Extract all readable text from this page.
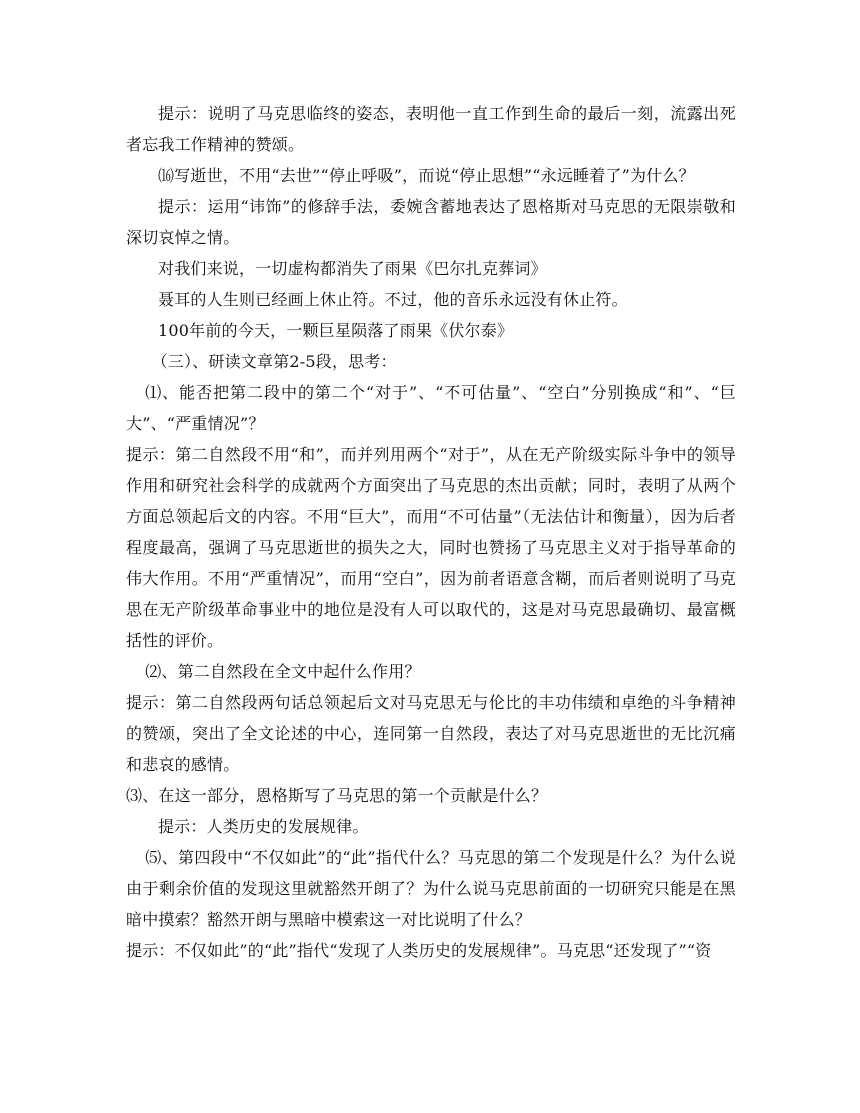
提示：说明了马克思临终的姿态，表明他一直工作到生命的最后一刻，流露出死者忘我工作精神的赞颂。

⒃写逝世，不用“去世”“停止呼吸”，而说“停止思想”“永远睡着了”为什么？

提示：运用“讳饰”的修辞手法，委婉含蓄地表达了恩格斯对马克思的无限崇敬和深切哀悼之情。

对我们来说，一切虚构都消失了雨果《巴尔扎克葬词》

聂耳的人生则已经画上休止符。不过，他的音乐永远没有休止符。

100年前的今天，一颗巨星陨落了雨果《伏尔泰》

（三）、研读文章第2-5段，思考：

⑴、能否把第二段中的第二个“对于”、“不可估量”、“空白”分别换成“和”、“巨大”、“严重情况”？

提示：第二自然段不用“和”，而并列用两个“对于”，从在无产阶级实际斗争中的领导作用和研究社会科学的成就两个方面突出了马克思的杰出贡献；同时，表明了从两个方面总领起后文的内容。不用“巨大”，而用“不可估量”（无法估计和衡量），因为后者程度最高，强调了马克思逝世的损失之大，同时也赞扬了马克思主义对于指导革命的伟大作用。不用“严重情况”，而用“空白”，因为前者语意含糊，而后者则说明了马克思在无产阶级革命事业中的地位是没有人可以取代的，这是对马克思最确切、最富概括性的评价。

⑵、第二自然段在全文中起什么作用？

提示：第二自然段两句话总领起后文对马克思无与伦比的丰功伟绩和卓绝的斗争精神的赞颂，突出了全文论述的中心，连同第一自然段，表达了对马克思逝世的无比沉痛和悲哀的感情。

⑶、在这一部分，恩格斯写了马克思的第一个贡献是什么？

提示：人类历史的发展规律。

⑸、第四段中“不仅如此”的“此”指代什么？马克思的第二个发现是什么？为什么说由于剩余价值的发现这里就豁然开朗了？为什么说马克思前面的一切研究只能是在黑暗中摸索？豁然开朗与黑暗中模索这一对比说明了什么？

提示：不仅如此”的“此”指代“发现了人类历史的发展规律”。马克思“还发现了”“资
